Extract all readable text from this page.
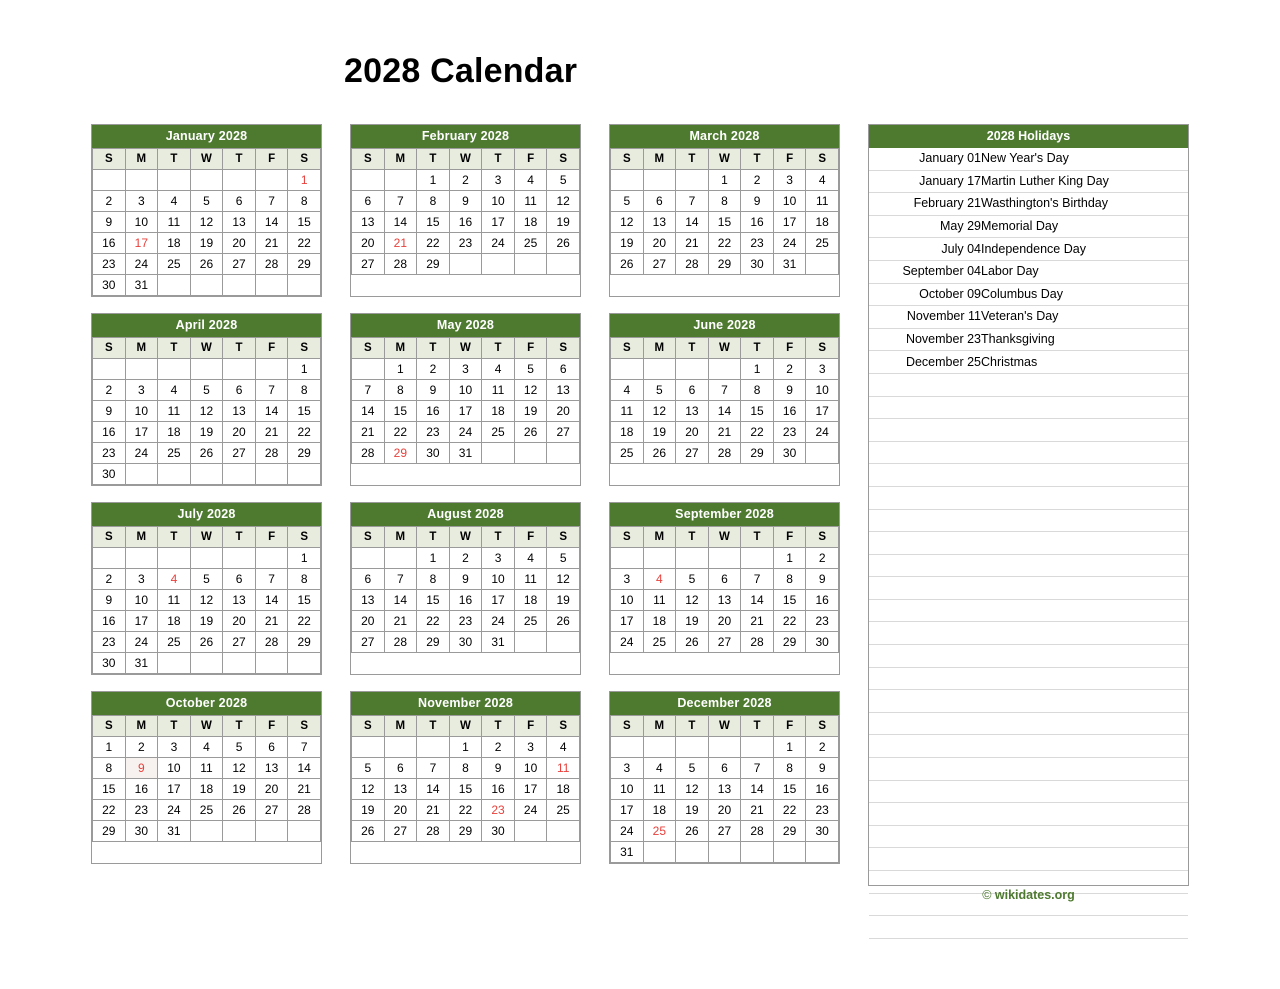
2028 Calendar
January 2028
S	M	T	W	T	F	S
						1
2	3	4	5	6	7	8
9	10	11	12	13	14	15
16	17	18	19	20	21	22
23	24	25	26	27	28	29
30	31					
February 2028
S	M	T	W	T	F	S
		1	2	3	4	5
6	7	8	9	10	11	12
13	14	15	16	17	18	19
20	21	22	23	24	25	26
27	28	29				
March 2028
S	M	T	W	T	F	S
			1	2	3	4
5	6	7	8	9	10	11
12	13	14	15	16	17	18
19	20	21	22	23	24	25
26	27	28	29	30	31	
April 2028
S	M	T	W	T	F	S
						1
2	3	4	5	6	7	8
9	10	11	12	13	14	15
16	17	18	19	20	21	22
23	24	25	26	27	28	29
30						
May 2028
S	M	T	W	T	F	S
	1	2	3	4	5	6
7	8	9	10	11	12	13
14	15	16	17	18	19	20
21	22	23	24	25	26	27
28	29	30	31			
June 2028
S	M	T	W	T	F	S
				1	2	3
4	5	6	7	8	9	10
11	12	13	14	15	16	17
18	19	20	21	22	23	24
25	26	27	28	29	30	
July 2028
S	M	T	W	T	F	S
						1
2	3	4	5	6	7	8
9	10	11	12	13	14	15
16	17	18	19	20	21	22
23	24	25	26	27	28	29
30	31					
August 2028
S	M	T	W	T	F	S
		1	2	3	4	5
6	7	8	9	10	11	12
13	14	15	16	17	18	19
20	21	22	23	24	25	26
27	28	29	30	31		
September 2028
S	M	T	W	T	F	S
					1	2
3	4	5	6	7	8	9
10	11	12	13	14	15	16
17	18	19	20	21	22	23
24	25	26	27	28	29	30
October 2028
S	M	T	W	T	F	S
1	2	3	4	5	6	7
8	9	10	11	12	13	14
15	16	17	18	19	20	21
22	23	24	25	26	27	28
29	30	31				
November 2028
S	M	T	W	T	F	S
			1	2	3	4
5	6	7	8	9	10	11
12	13	14	15	16	17	18
19	20	21	22	23	24	25
26	27	28	29	30		
December 2028
S	M	T	W	T	F	S
					1	2
3	4	5	6	7	8	9
10	11	12	13	14	15	16
17	18	19	20	21	22	23
24	25	26	27	28	29	30
31						
2028 Holidays
January 01	New Year's Day
January 17	Martin Luther King Day
February 21	Wasthington's Birthday
May 29	Memorial Day
July 04	Independence Day
September 04	Labor Day
October 09	Columbus Day
November 11	Veteran's Day
November 23	Thanksgiving
December 25	Christmas

© wikidates.org
